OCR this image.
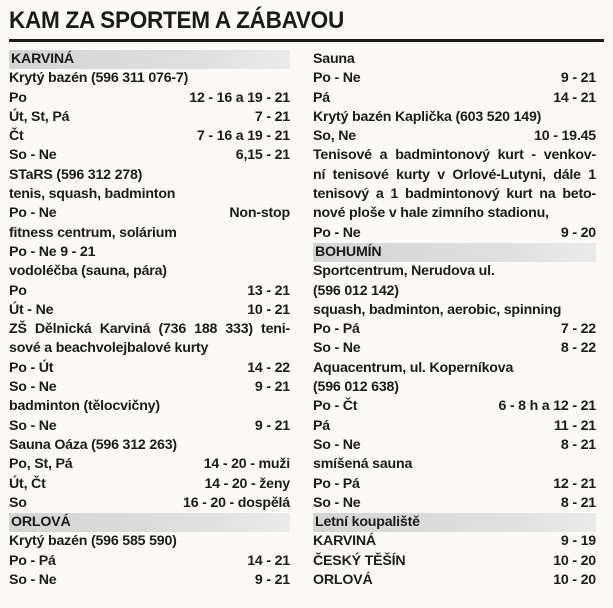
KAM ZA SPORTEM A ZÁBAVOU
KARVINÁ
Krytý bazén (596 311 076-7)
Po	12 - 16 a 19 - 21
Út, St, Pá	7 - 21
Čt	7 - 16 a 19 - 21
So - Ne	6,15 - 21
STaRS (596 312 278)
tenis, squash, badminton
Po - Ne	Non-stop
fitness centrum, solárium
Po - Ne 9 - 21
vodoléčba (sauna, pára)
Po	13 - 21
Út - Ne	10 - 21
ZŠ Dělnická Karviná (736 188 333) teni-
sové a beachvolejbalové kurty
Po - Út	14 - 22
So - Ne	9 - 21
badminton (tělocvičny)
So - Ne	9 - 21
Sauna Oáza (596 312 263)
Po, St, Pá	14 - 20 - muži
Út, Čt	14 - 20 - ženy
So	16 - 20 - dospělá
ORLOVÁ
Krytý bazén (596 585 590)
Po - Pá	14 - 21
So - Ne	9 - 21
Sauna
Po - Ne	9 - 21
Pá	14 - 21
Krytý bazén Kaplička (603 520 149)
So, Ne	10 - 19.45
Tenisové a badmintonový kurt - venkov-
ní tenisové kurty v Orlové-Lutyni, dále 1
tenisový a 1 badmintonový kurt na beto-
nové ploše v hale zimního stadionu,
Po - Ne	9 - 20
BOHUMÍN
Sportcentrum, Nerudova ul.
(596 012 142)
squash, badminton, aerobic, spinning
Po - Pá	7 - 22
So - Ne	8 - 22
Aquacentrum, ul. Koperníkova
(596 012 638)
Po - Čt	6 - 8 h a 12 - 21
Pá	11 - 21
So - Ne	8 - 21
smíšená sauna
Po - Pá	12 - 21
So - Ne	8 - 21
Letní koupaliště
KARVINÁ	9 - 19
ČESKÝ TĚŠÍN	10 - 20
ORLOVÁ	10 - 20
